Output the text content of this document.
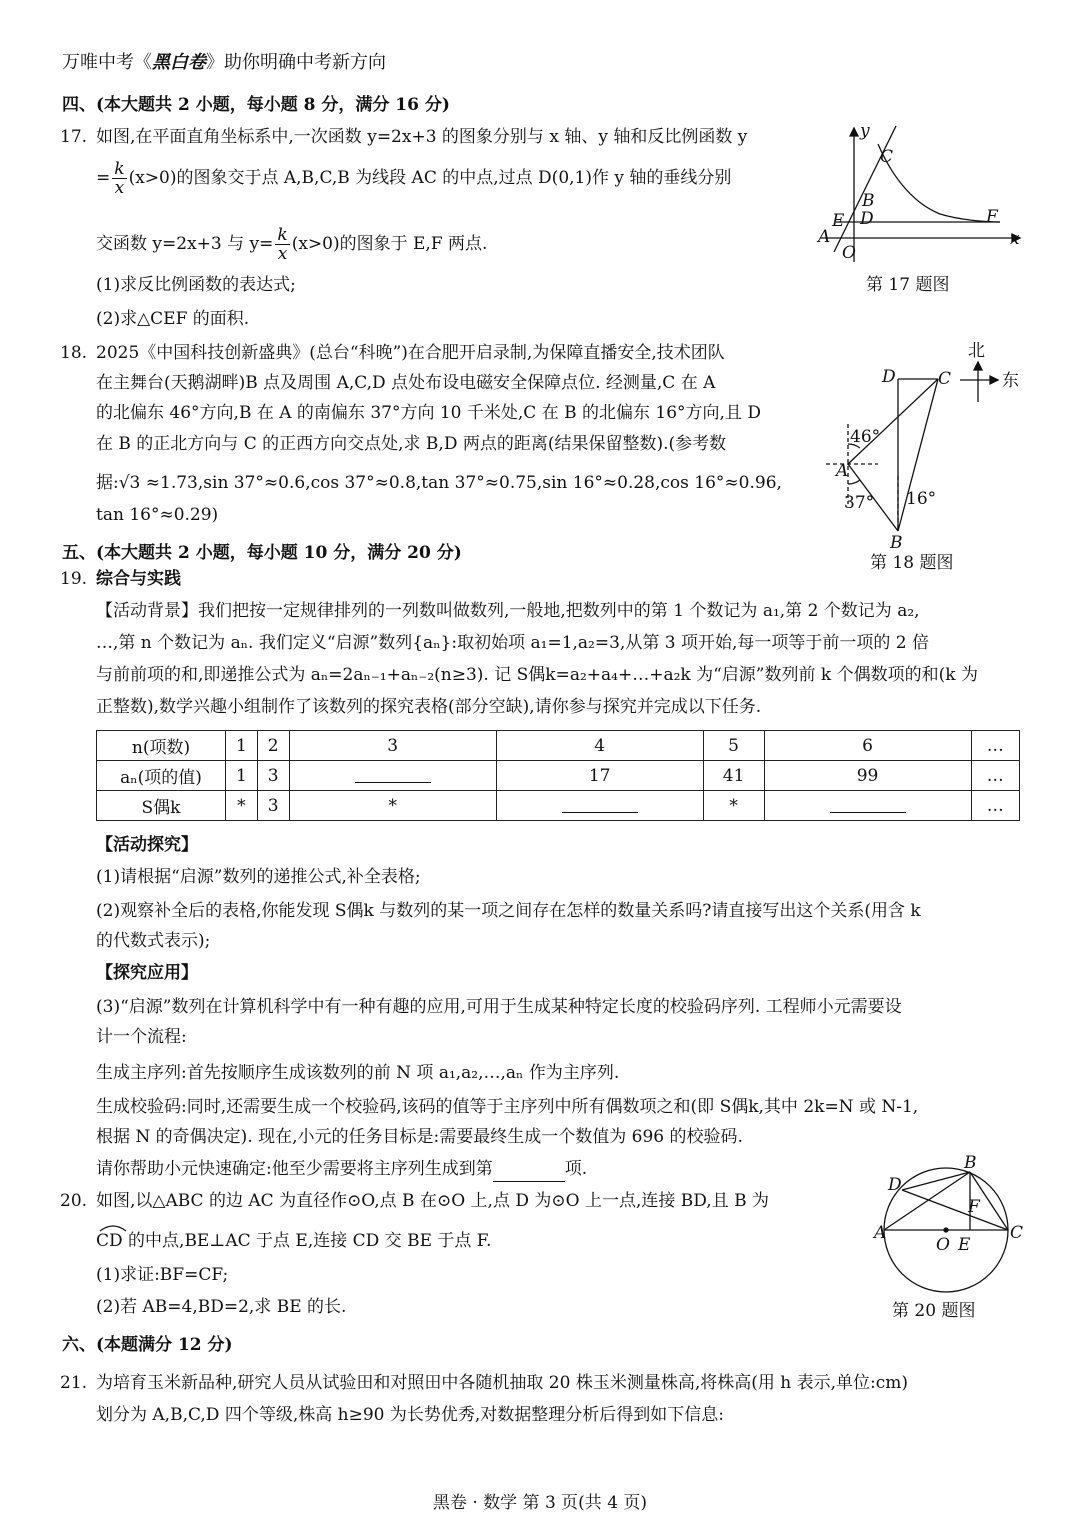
万唯中考《黑白卷》助你明确中考新方向
四、(本大题共 2 小题，每小题 8 分，满分 16 分)
17. 如图,在平面直角坐标系中,一次函数 y=2x+3 的图象分别与 x 轴、y 轴和反比例函数 y
= $\frac{k}{x} (x>0)$的图象交于点 A,B,C,B 为线段 AC 的中点,过点 D(0,1)作 y 轴的垂线分别
交函数 y=2x+3 与 $y= \frac{k}{x} (x>0)$的图象于 E,F 两点.
(1)求反比例函数的表达式;
(2)求△CEF 的面积.
y
x
C
B
E D	F
A
O
第 17 题图
18. 2025《中国科技创新盛典》(总台“科晚”)在合肥开启录制,为保障直播安全,技术团队
在主舞台(天鹅湖畔)B 点及周围 A,C,D 点处布设电磁安全保障点位. 经测量,C 在 A
的北偏东 46°方向,B 在 A 的南偏东 37°方向 10 千米处,C 在 B 的北偏东 16°方向,且 D
在 B 的正北方向与 C 的正西方向交点处,求 B,D 两点的距离(结果保留整数).(参考数
据:√3 ≈1.73,sin 37°≈0.6,cos 37°≈0.8,tan 37°≈0.75,sin 16°≈0.28,cos 16°≈0.96,
tan 16°≈0.29)
北
东
D C
A
B
46°
37° 16°
第 18 题图
五、(本大题共 2 小题，每小题 10 分，满分 20 分)
19. 综合与实践
【活动背景】我们把按一定规律排列的一列数叫做数列,一般地,把数列中的第 1 个数记为 a₁,第 2 个数记为 a₂,
…,第 n 个数记为 aₙ. 我们定义“启源”数列{aₙ}:取初始项 a₁=1,a₂=3,从第 3 项开始,每一项等于前一项的 2 倍
与前前项的和,即递推公式为 aₙ=2aₙ₋₁+aₙ₋₂(n≥3). 记 S偶k=a₂+a₄+…+a₂k 为“启源”数列前 k 个偶数项的和(k 为
正整数),数学兴趣小组制作了该数列的探究表格(部分空缺),请你参与探究并完成以下任务.
n(项数)	1	2	3	4	5	6	…
aₙ(项的值)	1	3		17	41	99	…
S偶k	*	3	*		*		…
【活动探究】
(1)请根据“启源”数列的递推公式,补全表格;
(2)观察补全后的表格,你能发现 S偶k 与数列的某一项之间存在怎样的数量关系吗?请直接写出这个关系(用含 k
的代数式表示);
【探究应用】
(3)“启源”数列在计算机科学中有一种有趣的应用,可用于生成某种特定长度的校验码序列. 工程师小元需要设
计一个流程:
生成主序列:首先按顺序生成该数列的前 N 项 a₁,a₂,…,aₙ 作为主序列.
生成校验码:同时,还需要生成一个校验码,该码的值等于主序列中所有偶数项之和(即 S偶k,其中 2k=N 或 N-1,
根据 N 的奇偶决定). 现在,小元的任务目标是:需要最终生成一个数值为 696 的校验码.
请你帮助小元快速确定:他至少需要将主序列生成到第	项.
20. 如图,以△ABC 的边 AC 为直径作⊙O,点 B 在⊙O 上,点 D 为⊙O 上一点,连接 BD,且 B 为
CD 的中点,BE⊥AC 于点 E,连接 CD 交 BE 于点 F.
(1)求证:BF=CF;
(2)若 AB=4,BD=2,求 BE 的长.
B
D
F
A
O E
C
第 20 题图
六、(本题满分 12 分)
21. 为培育玉米新品种,研究人员从试验田和对照田中各随机抽取 20 株玉米测量株高,将株高(用 h 表示,单位:cm)
划分为 A,B,C,D 四个等级,株高 h≥90 为长势优秀,对数据整理分析后得到如下信息:
黑卷 · 数学 第 3 页(共 4 页)
